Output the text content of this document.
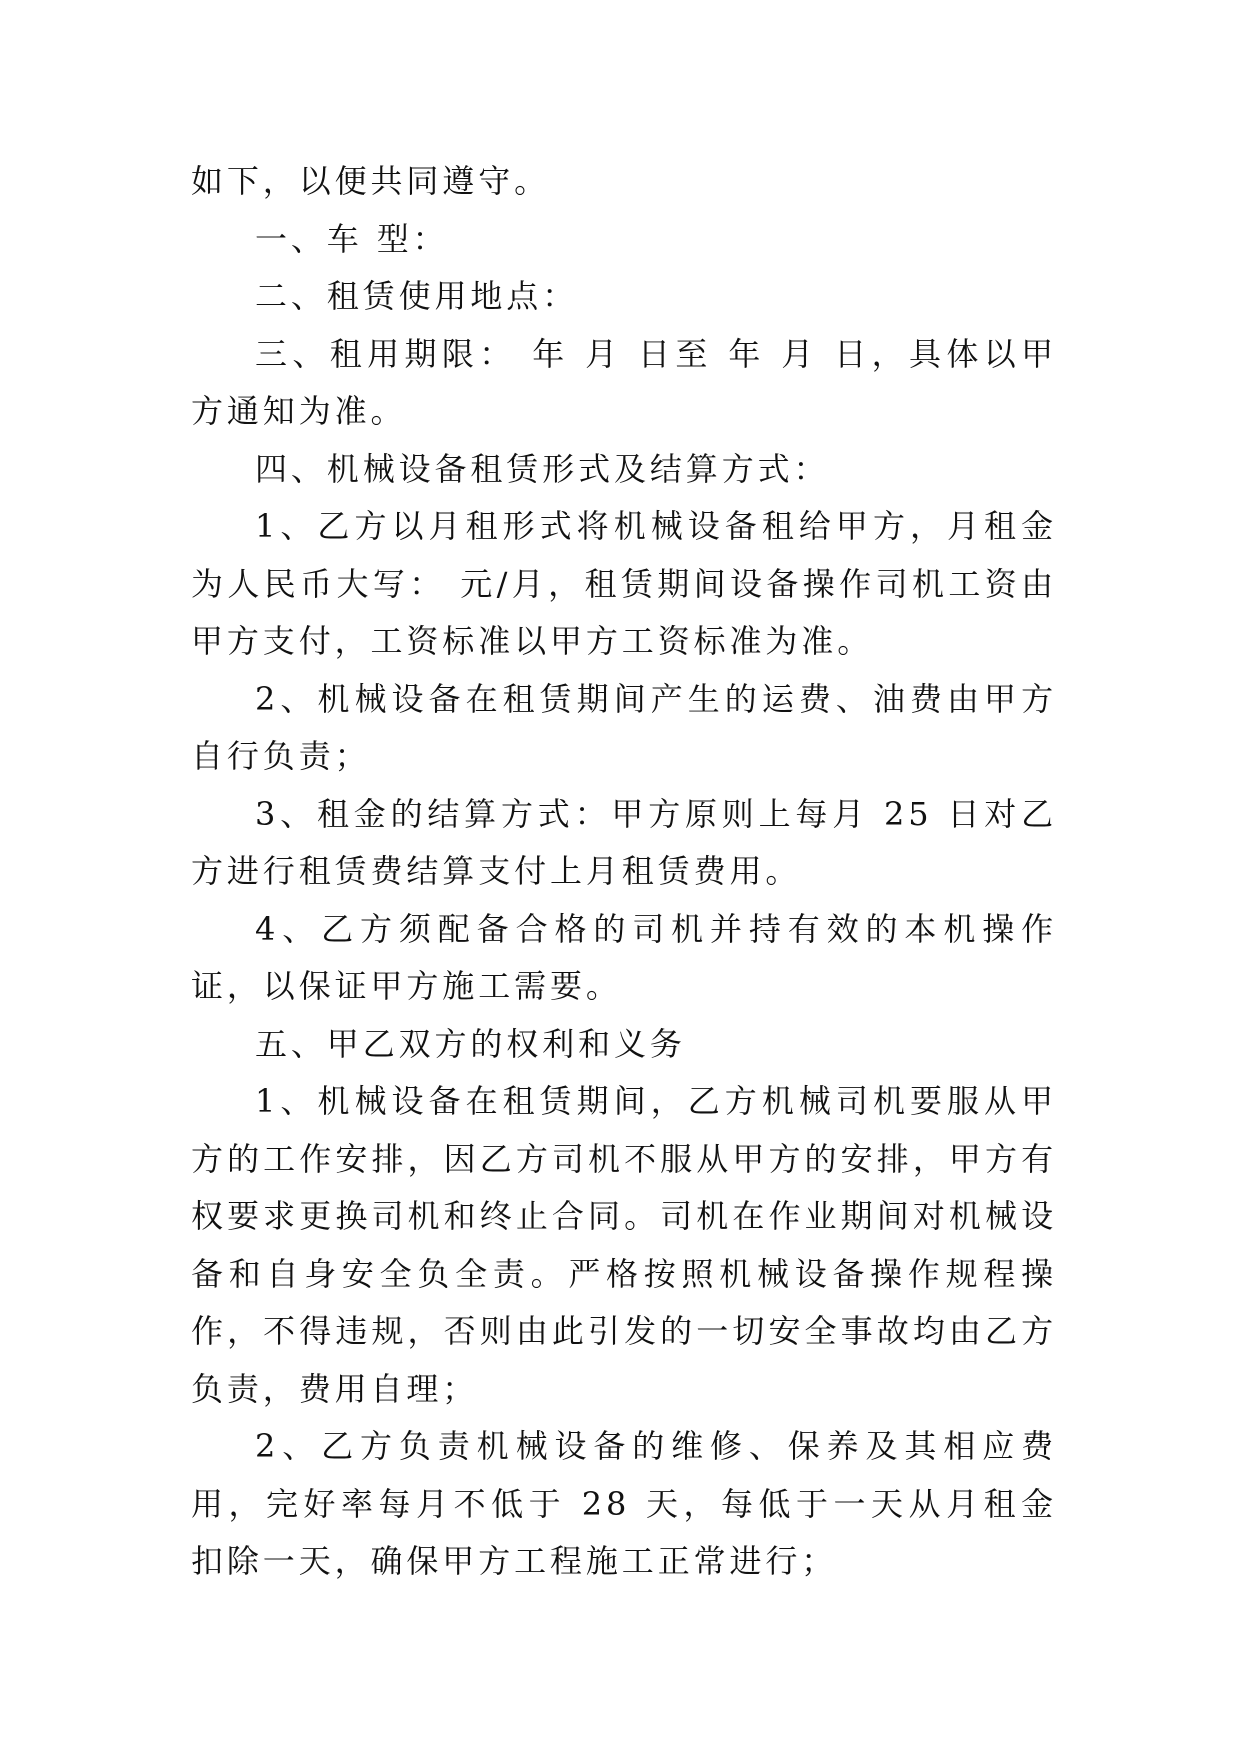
如下，以便共同遵守。

一、车 型：

二、租赁使用地点：

三、租用期限： 年 月 日至 年 月 日，具体以甲方通知为准。

四、机械设备租赁形式及结算方式：

1、乙方以月租形式将机械设备租给甲方，月租金为人民币大写： 元/月，租赁期间设备操作司机工资由甲方支付，工资标准以甲方工资标准为准。

2、机械设备在租赁期间产生的运费、油费由甲方自行负责；

3、租金的结算方式：甲方原则上每月 25 日对乙方进行租赁费结算支付上月租赁费用。

4、乙方须配备合格的司机并持有效的本机操作证，以保证甲方施工需要。

五、甲乙双方的权利和义务

1、机械设备在租赁期间，乙方机械司机要服从甲方的工作安排，因乙方司机不服从甲方的安排，甲方有权要求更换司机和终止合同。司机在作业期间对机械设备和自身安全负全责。严格按照机械设备操作规程操作，不得违规，否则由此引发的一切安全事故均由乙方负责，费用自理；

2、乙方负责机械设备的维修、保养及其相应费用，完好率每月不低于 28 天，每低于一天从月租金扣除一天，确保甲方工程施工正常进行；
